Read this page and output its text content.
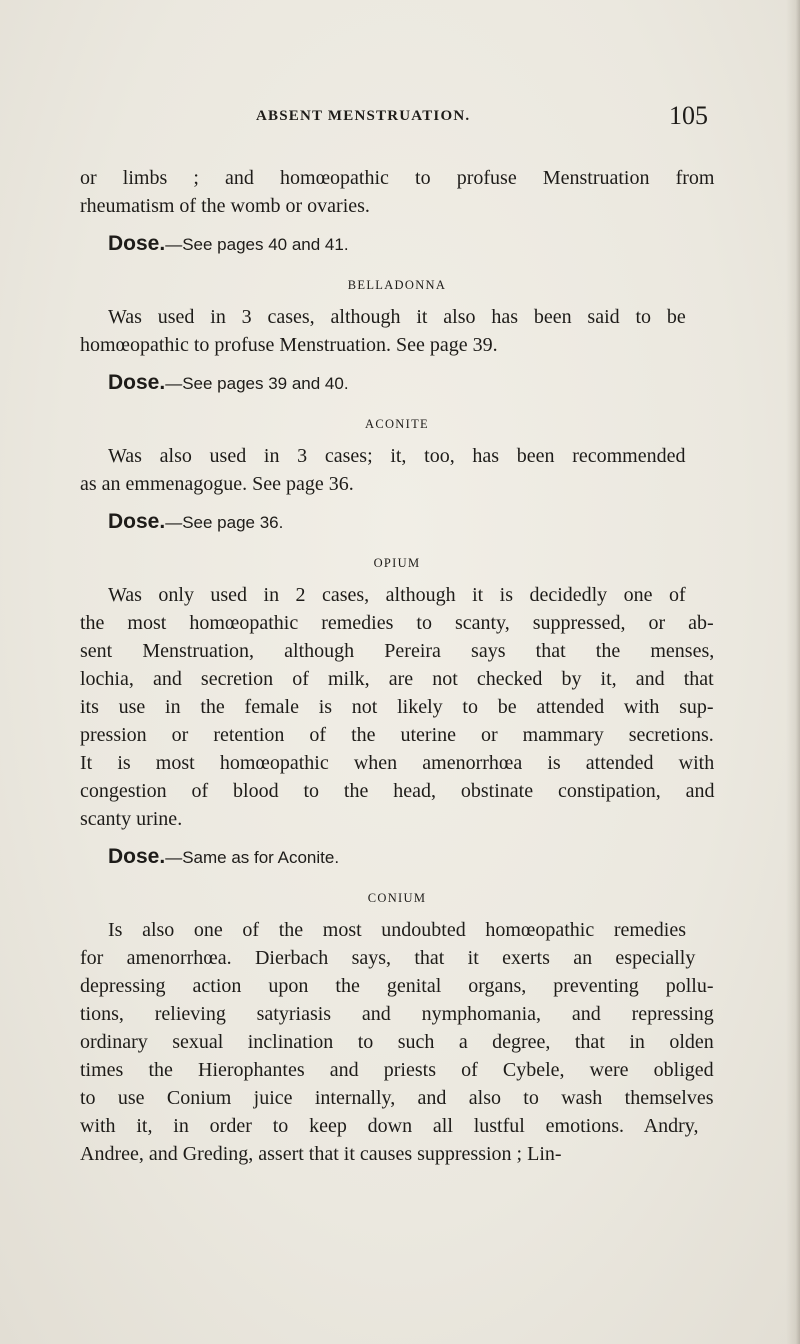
ABSENT MENSTRUATION.	105
or limbs ; and homœopathic to profuse Menstruation from
rheumatism of the womb or ovaries.
Dose.—See pages 40 and 41.
BELLADONNA
Was used in 3 cases, although it also has been said to be
homœopathic to profuse Menstruation. See page 39.
Dose.—See pages 39 and 40.
ACONITE
Was also used in 3 cases; it, too, has been recommended
as an emmenagogue. See page 36.
Dose.—See page 36.
OPIUM
Was only used in 2 cases, although it is decidedly one of
the most homœopathic remedies to scanty, suppressed, or ab-
sent Menstruation, although Pereira says that the menses,
lochia, and secretion of milk, are not checked by it, and that
its use in the female is not likely to be attended with sup-
pression or retention of the uterine or mammary secretions.
It is most homœopathic when amenorrhœa is attended with
congestion of blood to the head, obstinate constipation, and
scanty urine.
Dose.—Same as for Aconite.
CONIUM
Is also one of the most undoubted homœopathic remedies
for amenorrhœa. Dierbach says, that it exerts an especially
depressing action upon the genital organs, preventing pollu-
tions, relieving satyriasis and nymphomania, and repressing
ordinary sexual inclination to such a degree, that in olden
times the Hierophantes and priests of Cybele, were obliged
to use Conium juice internally, and also to wash themselves
with it, in order to keep down all lustful emotions. Andry,
Andree, and Greding, assert that it causes suppression ; Lin-
